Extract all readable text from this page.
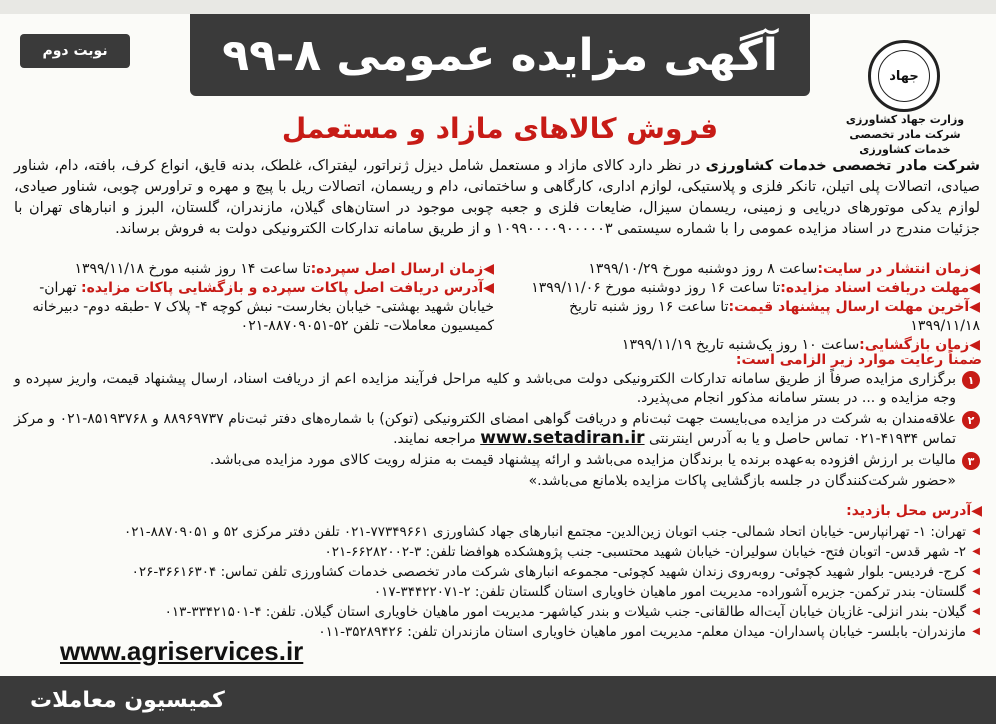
آگهی مزایده عمومی ۸-۹۹
نوبت دوم
جهاد
وزارت جهاد کشاورزی
شرکت مادر تخصصی خدمات کشاورزی
فروش کالاهای مازاد و مستعمل
شرکت مادر تخصصی خدمات کشاورزی در نظر دارد کالای مازاد و مستعمل شامل دیزل ژنراتور، لیفتراک، غلطک، بدنه قایق، انواع کرف، بافته، دام، شناور صیادی، اتصالات پلی اتیلن، تانکر فلزی و پلاستیکی، لوازم اداری، کارگاهی و ساختمانی، دام و ریسمان، اتصالات ریل با پیچ و مهره و تراورس چوبی، شناور صیادی، لوازم یدکی موتورهای دریایی و زمینی، ریسمان سیزال، ضایعات فلزی و جعبه چوبی موجود در استان‌های گیلان، مازندران، گلستان، البرز و انبارهای تهران با جزئیات مندرج در اسناد مزایده عمومی را با شماره سیستمی ۱۰۹۹۰۰۰۰۹۰۰۰۰۰۳ و از طریق سامانه تدارکات الکترونیکی دولت به فروش برساند.
◀زمان انتشار در سایت:ساعت ۸ روز دوشنبه مورخ ۱۳۹۹/۱۰/۲۹
◀مهلت دریافت اسناد مزایده:تا ساعت ۱۶ روز دوشنبه مورخ ۱۳۹۹/۱۱/۰۶
◀آخرین مهلت ارسال پیشنهاد قیمت:تا ساعت ۱۶ روز شنبه تاریخ ۱۳۹۹/۱۱/۱۸
◀زمان بازگشایی:ساعت ۱۰ روز یک‌شنبه تاریخ ۱۳۹۹/۱۱/۱۹
◀زمان ارسال اصل سپرده:تا ساعت ۱۴ روز شنبه مورخ ۱۳۹۹/۱۱/۱۸
◀آدرس دریافت اصل پاکات سپرده و بازگشایی پاکات مزایده: تهران- خیابان شهید بهشتی- خیابان بخارست- نبش کوچه ۴- پلاک ۷ -طبقه دوم- دبیرخانه کمیسیون معاملات- تلفن ۵۲-۸۸۷۰۹۰۵۱-۰۲۱
ضمناً رعایت موارد زیر الزامی است:
۱
برگزاری مزایده صرفاً از طریق سامانه تدارکات الکترونیکی دولت می‌باشد و کلیه مراحل فرآیند مزایده اعم از دریافت اسناد، ارسال پیشنهاد قیمت، واریز سپرده و وجه مزایده و ... در بستر سامانه مذکور انجام می‌پذیرد.
۲
علاقه‌مندان به شرکت در مزایده می‌بایست جهت ثبت‌نام و دریافت گواهی امضای الکترونیکی (توکن) با شماره‌های دفتر ثبت‌نام ۸۸۹۶۹۷۳۷ و ۸۵۱۹۳۷۶۸-۰۲۱ و مرکز تماس ۴۱۹۳۴-۰۲۱ تماس حاصل و یا به آدرس اینترنتی www.setadiran.ir مراجعه نمایند.
۳
مالیات بر ارزش افزوده به‌عهده برنده یا برندگان مزایده می‌باشد و ارائه پیشنهاد قیمت به منزله رویت کالای مورد مزایده می‌باشد.
«حضور شرکت‌کنندگان در جلسه بازگشایی پاکات مزایده بلامانع می‌باشد.»
◀آدرس محل بازدید:
◀ تهران: ۱- تهرانپارس- خیابان اتحاد شمالی- جنب اتوبان زین‌الدین- مجتمع انبارهای جهاد کشاورزی ۷۷۳۴۹۶۶۱-۰۲۱ تلفن دفتر مرکزی ۵۲ و ۸۸۷۰۹۰۵۱-۰۲۱
◀ ۲- شهر قدس- اتوبان فتح- خیابان سولیران- خیابان شهید محتسبی- جنب پژوهشکده هوافضا تلفن: ۳-۶۶۲۸۲۰۰۲-۰۲۱
◀ کرج- فردیس- بلوار شهید کچوئی- روبه‌روی زندان شهید کچوئی- مجموعه انبارهای شرکت مادر تخصصی خدمات کشاورزی تلفن تماس: ۳۶۶۱۶۳۰۴-۰۲۶
◀ گلستان- بندر ترکمن- جزیره آشوراده- مدیریت امور ماهیان خاویاری استان گلستان تلفن: ۲-۳۴۴۲۲۰۷۱-۰۱۷
◀ گیلان- بندر انزلی- غازیان خیابان آیت‌اله طالقانی- جنب شیلات و بندر کیاشهر- مدیریت امور ماهیان خاویاری استان گیلان. تلفن: ۴-۳۳۴۲۱۵۰۱-۰۱۳
◀ مازندران- بابلسر- خیابان پاسداران- میدان معلم- مدیریت امور ماهیان خاویاری استان مازندران تلفن: ۳۵۲۸۹۴۲۶-۰۱۱
www.agriservices.ir
کمیسیون معاملات
